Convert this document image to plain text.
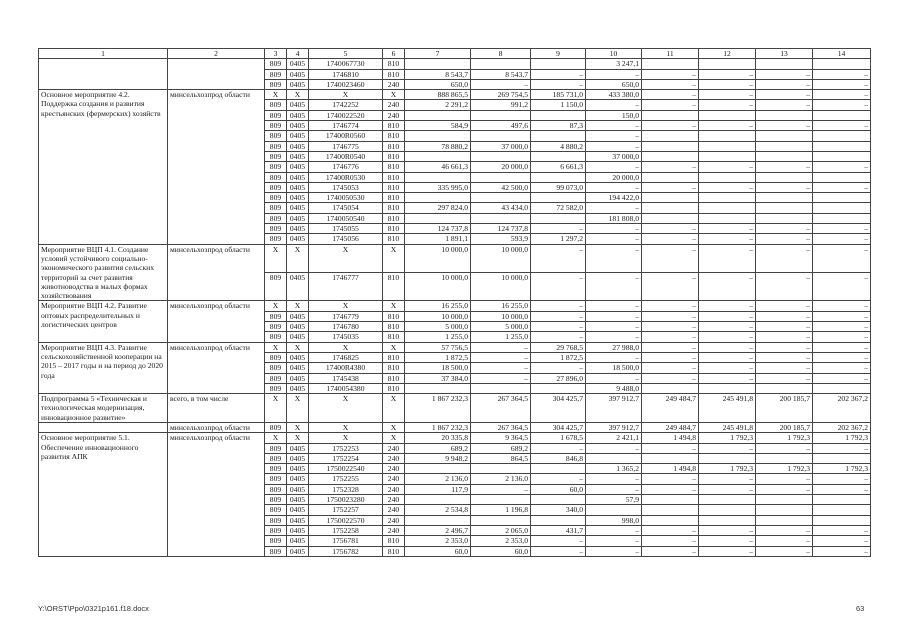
1	2	3	4	5	6	7	8	9	10	11	12	13	14
		809	0405	1740067730	810				3 247,1				
		809	0405	1746810	810	8 543,7	8 543,7	–	–	–	–	–	–
		809	0405	1740023460	240	650,0	–	–	650,0	–	–	–	–
Основное мероприятие 4.2. Поддержка создания и развития крестьянских (фермерских) хозяйств	минсельхозпрод области	X	X	X	X	888 865,5	269 754,5	185 731,0	433 380,0	–	–	–	–
		809	0405	1742252	240	2 291,2	991,2	1 150,0	–	–	–	–	–
		809	0405	1740022520	240				150,0				
		809	0405	1746774	810	584,9	497,6	87,3	–	–	–	–	–
		809	0405	17400R0560	810				–				
		809	0405	1746775	810	78 880,2	37 000,0	4 880,2	–				
		809	0405	17400R0540	810				37 000,0				
		809	0405	1746776	810	46 661,3	20 000,0	6 661,3	–	–	–	–	–
		809	0405	17400R0530	810				20 000,0				
		809	0405	1745053	810	335 995,0	42 500,0	99 073,0	–	–	–	–	–
		809	0405	1740050530	810				194 422,0				
		809	0405	1745054	810	297 824,0	43 434,0	72 582,0	–				
		809	0405	1740050540	810				181 808,0				
		809	0405	1745055	810	124 737,8	124 737,8	–	–	–	–	–	–
		809	0405	1745056	810	1 891,1	593,9	1 297,2	–	–	–	–	–
Мероприятие ВЦП 4.1. Создание условий устойчивого социально-экономического развития сельских территорий за счет развития животноводства в малых формах хозяйствования	минсельхозпрод области	X	X	X	X	10 000,0	10 000,0	–	–	–	–	–	–
		809	0405	1746777	810	10 000,0	10 000,0	–	–	–	–	–	–
Мероприятие ВЦП 4.2. Развитие оптовых распределительных и логистических центров	минсельхозпрод области	X	X	X	X	16 255,0	16 255,0	–	–	–	–	–	–
		809	0405	1746779	810	10 000,0	10 000,0	–	–	–	–	–	–
		809	0405	1746780	810	5 000,0	5 000,0	–	–	–	–	–	–
		809	0405	1745035	810	1 255,0	1 255,0	–	–	–	–	–	–
Мероприятие ВЦП 4.3. Развитие сельскохозяйственной кооперации на 2015 – 2017 годы и на период до 2020 года	минсельхозпрод области	X	X	X	X	57 756,5	–	29 768,5	27 988,0	–	–	–	–
		809	0405	1746825	810	1 872,5	–	1 872,5	–	–	–	–	–
		809	0405	17400R4380	810	18 500,0	–	–	18 500,0	–	–	–	–
		809	0405	1745438	810	37 384,0	–	27 896,0	–	–	–	–	–
		809	0405	1740054380	810				9 488,0				
Подпрограмма 5 «Техническая и технологическая модернизация, инновационное развитие»	всего, в том числе	X	X	X	X	1 867 232,3	267 364,5	304 425,7	397 912,7	249 484,7	245 491,8	200 185,7	202 367,2
	минсельхозпрод области	809	X	X	X	1 867 232,3	267 364,5	304 425,7	397 912,7	249 484,7	245 491,8	200 185,7	202 367,2
Основное мероприятие 5.1. Обеспечение инновационного развития АПК	минсельхозпрод области	X	X	X	X	20 335,8	9 364,5	1 678,5	2 421,1	1 494,8	1 792,3	1 792,3	1 792,3
		809	0405	1752253	240	689,2	689,2	–	–	–	–	–	–
		809	0405	1752254	240	9 948,2	864,5	846,8					
		809	0405	1750022540	240				1 365,2	1 494,8	1 792,3	1 792,3	1 792,3
		809	0405	1752255	240	2 136,0	2 136,0	–	–	–	–	–	–
		809	0405	1752328	240	117,9	–	60,0	–	–	–	–	–
		809	0405	1750023280	240				57,9				
		809	0405	1752257	240	2 534,8	1 196,8	340,0					
		809	0405	1750022570	240				998,0				
		809	0405	1752258	240	2 496,7	2 065,0	431,7	–	–	–	–	–
		809	0405	1756781	810	2 353,0	2 353,0	–	–	–	–	–	–
		809	0405	1756782	810	60,0	60,0	–	–	–	–	–	–
Y:\ORST\Ppo\0321p161.f18.docx	63
